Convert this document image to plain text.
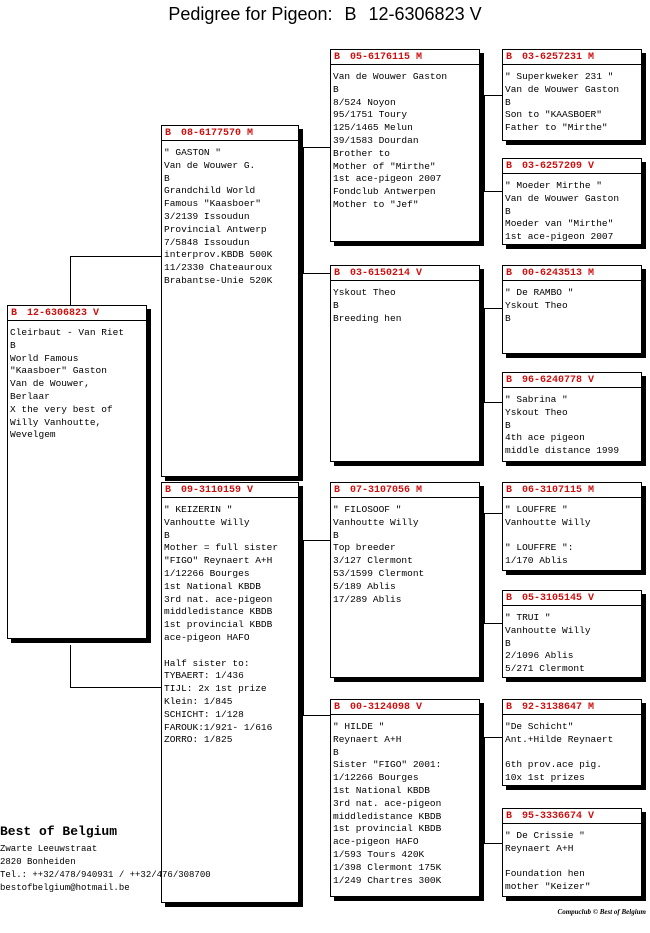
Pedigree for Pigeon: B 12-6306823 V
B 12-6306823 V
Cleirbaut - Van Riet
B
World Famous
"Kaasboer" Gaston
Van de Wouwer,
Berlaar
X the very best of
Willy Vanhoutte,
Wevelgem
B 08-6177570 M
" GASTON "
Van de Wouwer G.
B
Grandchild World
Famous "Kaasboer"
3/2139 Issoudun
Provincial Antwerp
7/5848 Issoudun
interprov.KBDB 500K
11/2330 Chateauroux
Brabantse-Unie 520K
B 09-3110159 V
" KEIZERIN "
Vanhoutte Willy
B
Mother = full sister
"FIGO" Reynaert A+H
1/12266 Bourges
1st National KBDB
3rd nat. ace-pigeon
middledistance KBDB
1st provincial KBDB
ace-pigeon HAFO

Half sister to:
TYBAERT: 1/436
TIJL: 2x 1st prize
Klein: 1/845
SCHICHT: 1/128
FAROUK:1/921- 1/616
ZORRO: 1/825
B 05-6176115 M
Van de Wouwer Gaston
B
8/524 Noyon
95/1751 Toury
125/1465 Melun
39/1583 Dourdan
Brother to
Mother of "Mirthe"
1st ace-pigeon 2007
Fondclub Antwerpen
Mother to "Jef"
B 03-6150214 V
Yskout Theo
B
Breeding hen
B 07-3107056 M
" FILOSOOF "
Vanhoutte Willy
B
Top breeder
3/127 Clermont
53/1599 Clermont
5/189 Ablis
17/289 Ablis
B 00-3124098 V
" HILDE "
Reynaert A+H
B
Sister "FIGO" 2001:
1/12266 Bourges
1st National KBDB
3rd nat. ace-pigeon
middledistance KBDB
1st provincial KBDB
ace-pigeon HAFO
1/593 Tours 420K
1/398 Clermont 175K
1/249 Chartres 300K
B 03-6257231 M
" Superkweker 231 "
Van de Wouwer Gaston
B
Son to "KAASBOER"
Father to "Mirthe"
B 03-6257209 V
" Moeder Mirthe "
Van de Wouwer Gaston
B
Moeder van "Mirthe"
1st ace-pigeon 2007
B 00-6243513 M
" De RAMBO "
Yskout Theo
B
B 96-6240778 V
" Sabrina "
Yskout Theo
B
4th ace pigeon
middle distance 1999
B 06-3107115 M
" LOUFFRE "
Vanhoutte Willy

" LOUFFRE ":
1/170 Ablis
B 05-3105145 V
" TRUI "
Vanhoutte Willy
B
2/1096 Ablis
5/271 Clermont
B 92-3138647 M
"De Schicht"
Ant.+Hilde Reynaert

6th prov.ace pig.
10x 1st prizes
B 95-3336674 V
" De Crissie "
Reynaert A+H

Foundation hen
mother "Keizer"
Best of Belgium
Zwarte Leeuwstraat
2820 Bonheiden
Tel.: ++32/478/940931 / ++32/476/308700
bestofbelgium@hotmail.be
Compuclub © Best of Belgium
